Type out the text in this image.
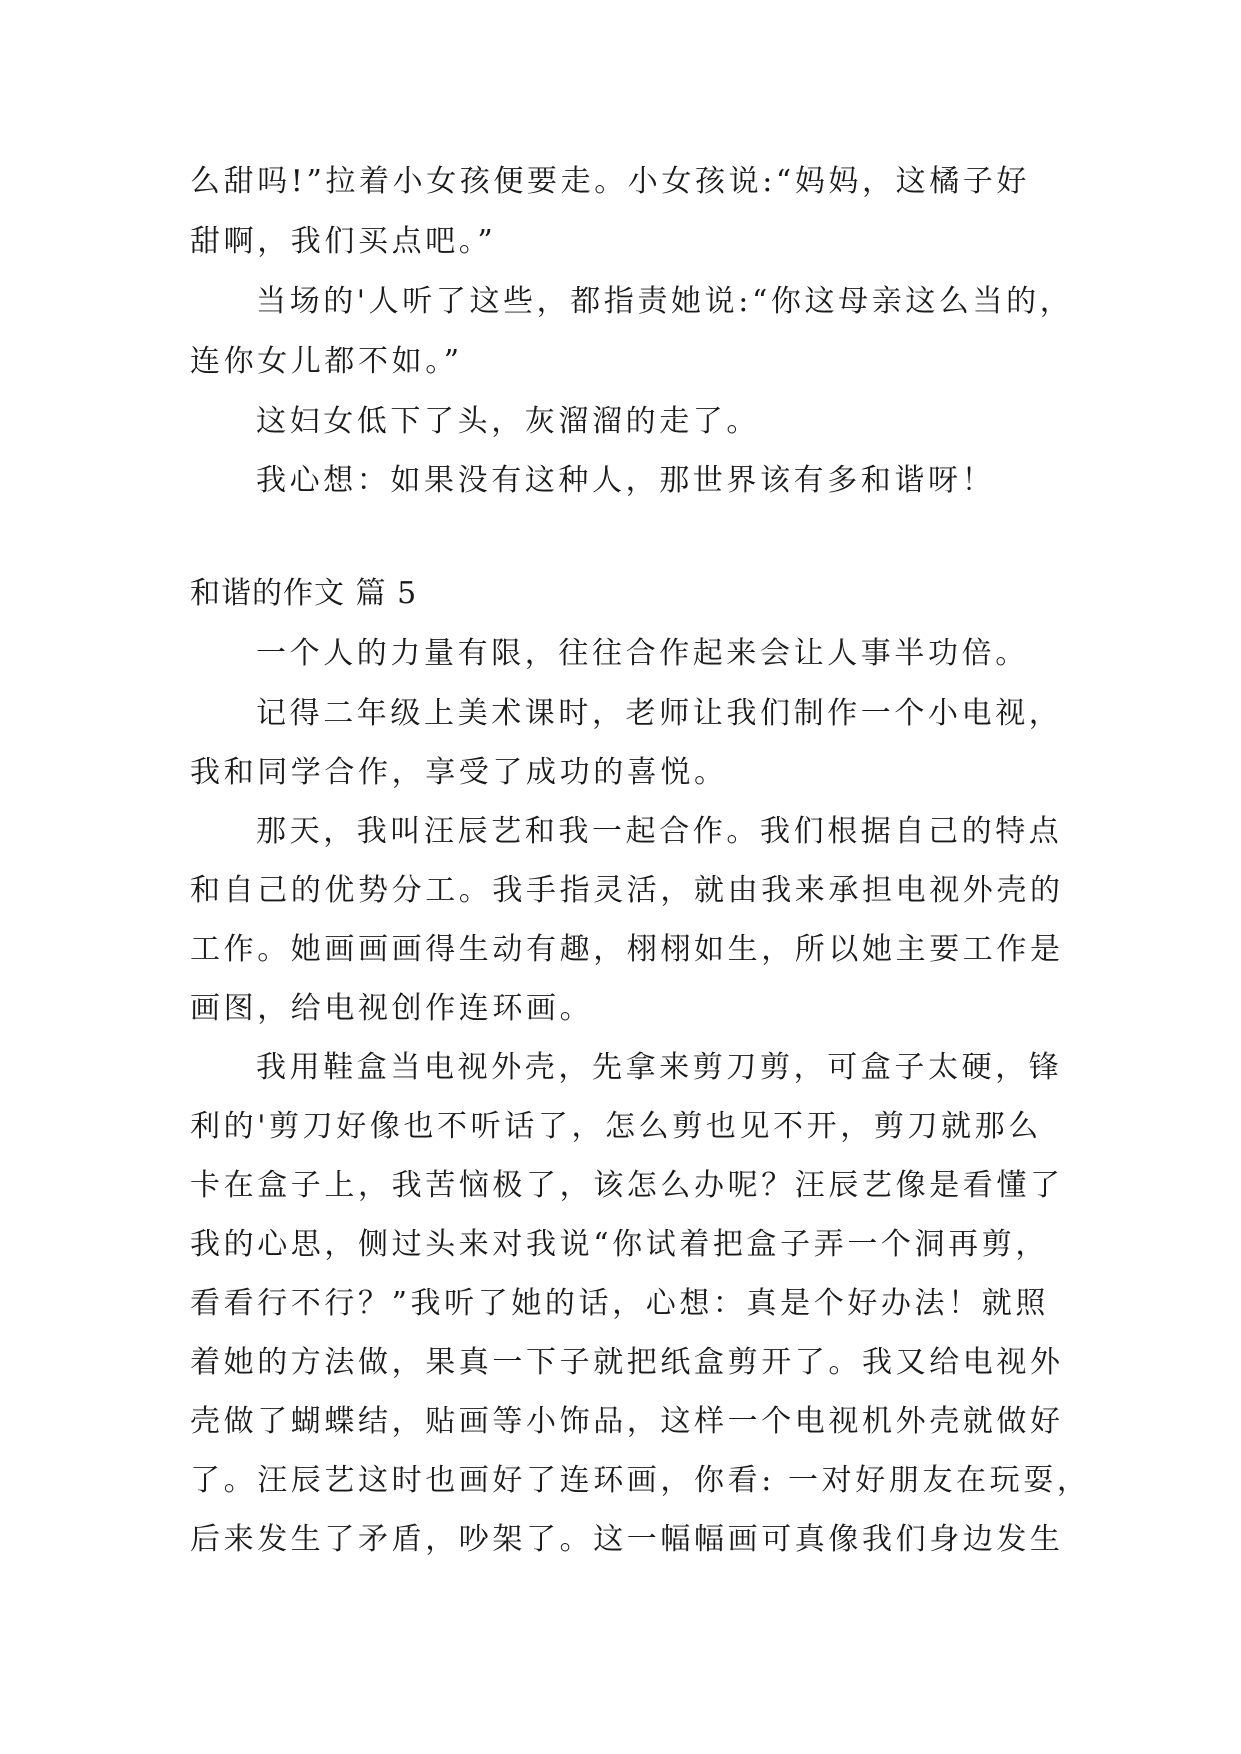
么甜吗!”拉着小女孩便要走。小女孩说:“妈妈，这橘子好
甜啊，我们买点吧。”
当场的'人听了这些，都指责她说:“你这母亲这么当的，
连你女儿都不如。”
这妇女低下了头，灰溜溜的走了。
我心想：如果没有这种人，那世界该有多和谐呀！
和谐的作文 篇 5
一个人的力量有限，往往合作起来会让人事半功倍。
记得二年级上美术课时，老师让我们制作一个小电视，
我和同学合作，享受了成功的喜悦。
那天，我叫汪辰艺和我一起合作。我们根据自己的特点
和自己的优势分工。我手指灵活，就由我来承担电视外壳的
工作。她画画画得生动有趣，栩栩如生，所以她主要工作是
画图，给电视创作连环画。
我用鞋盒当电视外壳，先拿来剪刀剪，可盒子太硬，锋
利的'剪刀好像也不听话了，怎么剪也见不开，剪刀就那么
卡在盒子上，我苦恼极了，该怎么办呢？汪辰艺像是看懂了
我的心思，侧过头来对我说“你试着把盒子弄一个洞再剪，
看看行不行？”我听了她的话，心想：真是个好办法！就照
着她的方法做，果真一下子就把纸盒剪开了。我又给电视外
壳做了蝴蝶结，贴画等小饰品，这样一个电视机外壳就做好
了。汪辰艺这时也画好了连环画，你看: 一对好朋友在玩耍，
后来发生了矛盾，吵架了。这一幅幅画可真像我们身边发生
